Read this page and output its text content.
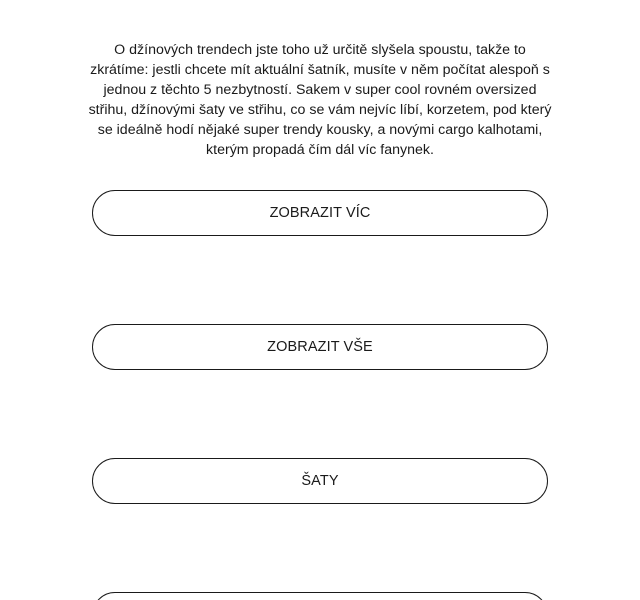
O džínových trendech jste toho už určitě slyšela spoustu, takže to zkrátíme: jestli chcete mít aktuální šatník, musíte v něm počítat alespoň s jednou z těchto 5 nezbytností. Sakem v super cool rovném oversized střihu, džínovými šaty ve střihu, co se vám nejvíc líbí, korzetem, pod který se ideálně hodí nějaké super trendy kousky, a novými cargo kalhotami, kterým propadá čím dál víc fanynek.

ZOBRAZIT VÍC
ZOBRAZIT VŠE
ŠATY
